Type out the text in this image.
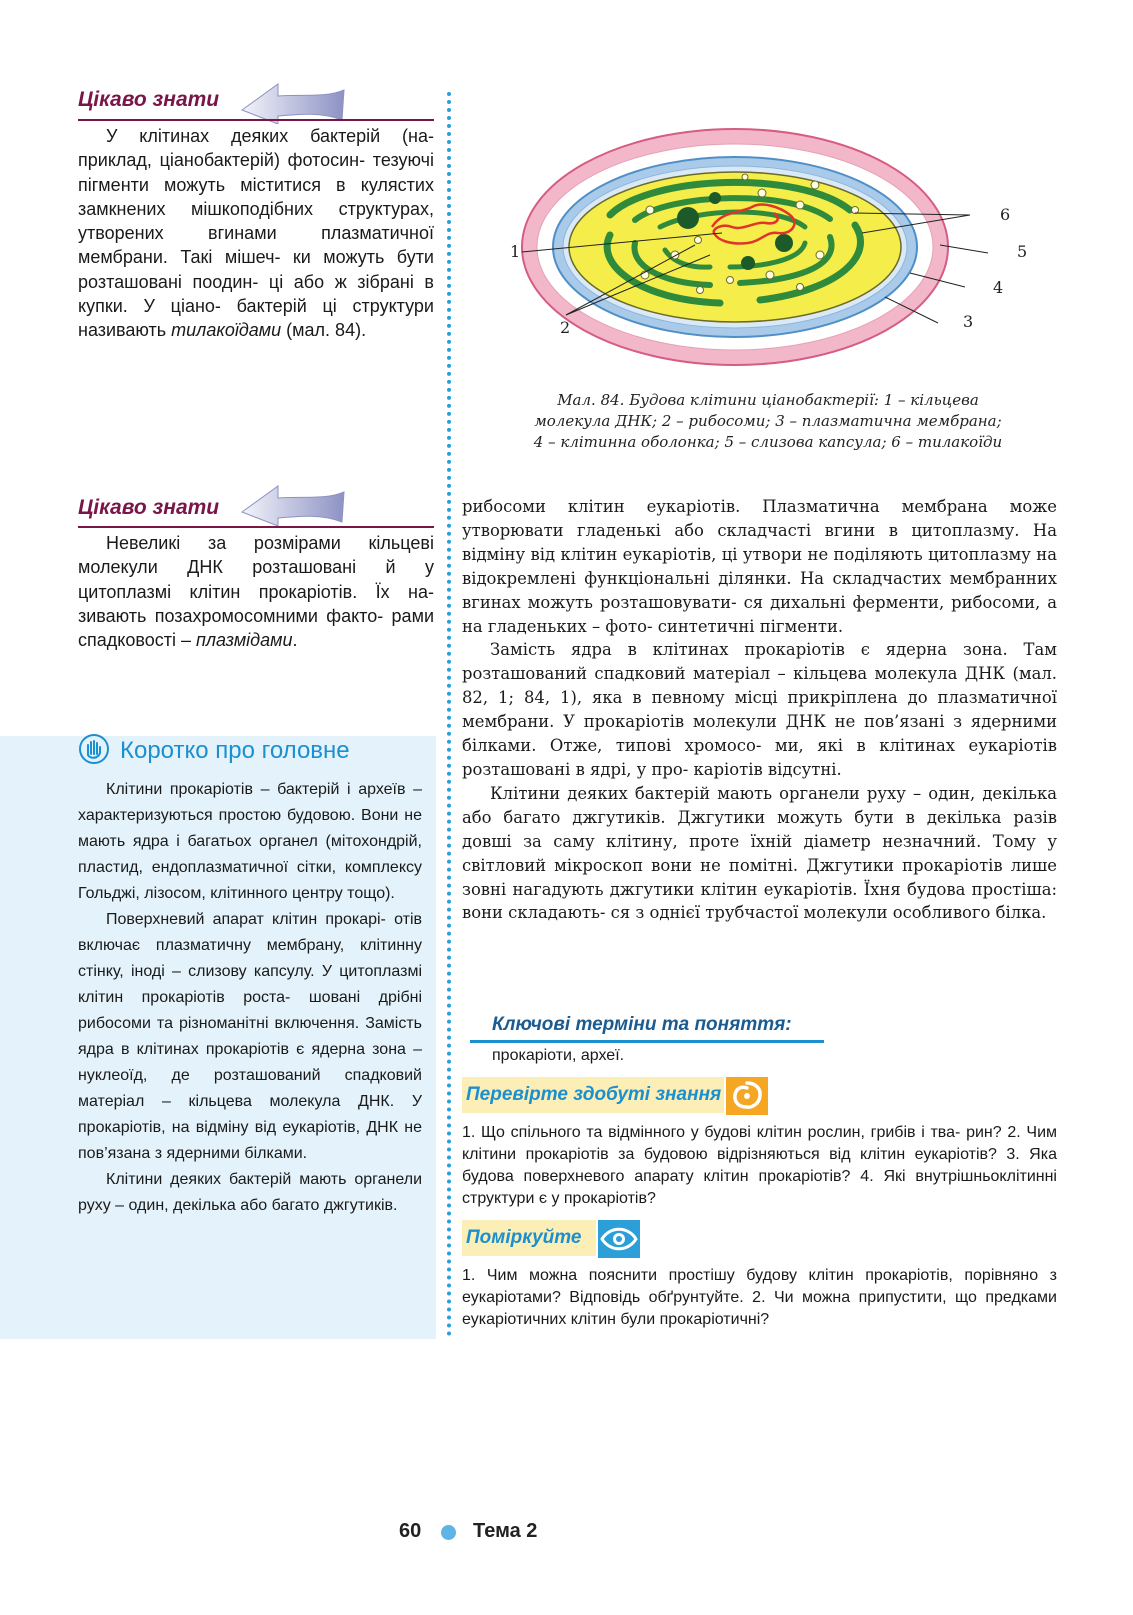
Цікаво знати

У клітинах деяких бактерій (на- приклад, ціанобактерій) фотосин- тезуючі пігменти можуть міститися в кулястих замкнених мішкоподібних структурах, утворених вгинами плазматичної мембрани. Такі мішеч- ки можуть бути розташовані поодин- ці або ж зібрані в купки. У ціано- бактерій ці структури називають тилакоїдами (мал. 84).

1
2	3
4
5
6
Мал. 84. Будова клітини ціанобактерії: 1 – кільцева
молекула ДНК; 2 – рибосоми; 3 – плазматична мембрана;
4 – клітинна оболонка; 5 – слизова капсула; 6 – тилакоїди
Цікаво знати

Невеликі за розмірами кільцеві молекули ДНК розташовані й у цитоплазмі клітин прокаріотів. Їх на- зивають позахромосомними факто- рами спадковості – плазмідами.

Коротко про головне

Клітини прокаріотів – бактерій і археїв – характеризуються простою будовою. Вони не мають ядра і багатьох органел (мітохондрій, пластид, ендоплазматичної сітки, комплексу Гольджі, лізосом, клітинного центру тощо).

Поверхневий апарат клітин прокарі- отів включає плазматичну мембрану, клітинну стінку, іноді – слизову капсулу. У цитоплазмі клітин прокаріотів роста- шовані дрібні рибосоми та різноманітні включення. Замість ядра в клітинах прокаріотів є ядерна зона – нуклеоїд, де розташований спадковий матеріал – кільцева молекула ДНК. У прокаріотів, на відміну від еукаріотів, ДНК не пов’язана з ядерними білками.

Клітини деяких бактерій мають органели руху – один, декілька або багато джгутиків.

рибосоми клітин еукаріотів. Плазматична мембрана може утворювати гладенькі або складчасті вгини в цитоплазму. На відміну від клітин еукаріотів, ці утвори не поділяють цитоплазму на відокремлені функціональні ділянки. На складчастих мембранних вгинах можуть розташовувати- ся дихальні ферменти, рибосоми, а на гладеньких – фото- синтетичні пігменти.

Замість ядра в клітинах прокаріотів є ядерна зона. Там розташований спадковий матеріал – кільцева молекула ДНК (мал. 82, 1; 84, 1), яка в певному місці прикріплена до плазматичної мембрани. У прокаріотів молекули ДНК не пов’язані з ядерними білками. Отже, типові хромосо- ми, які в клітинах еукаріотів розташовані в ядрі, у про- каріотів відсутні.

Клітини деяких бактерій мають органели руху – один, декілька або багато джгутиків. Джгутики можуть бути в декілька разів довші за саму клітину, проте їхній діаметр незначний. Тому у світловий мікроскоп вони не помітні. Джгутики прокаріотів лише зовні нагадують джгутики клітин еукаріотів. Їхня будова простіша: вони складають- ся з однієї трубчастої молекули особливого білка.

Ключові терміни та поняття:
прокаріоти, археї.
Перевірте здобуті знання

1. Що спільного та відмінного у будові клітин рослин, грибів і тва- рин? 2. Чим клітини прокаріотів за будовою відрізняються від клітин еукаріотів? 3. Яка будова поверхневого апарату клітин прокаріотів? 4. Які внутрішньоклітинні структури є у прокаріотів?

Поміркуйте

1. Чим можна пояснити простішу будову клітин прокаріотів, порівняно з еукаріотами? Відповідь обґрунтуйте. 2. Чи можна припустити, що предками еукаріотичних клітин були прокаріотичні?

60	Тема 2
